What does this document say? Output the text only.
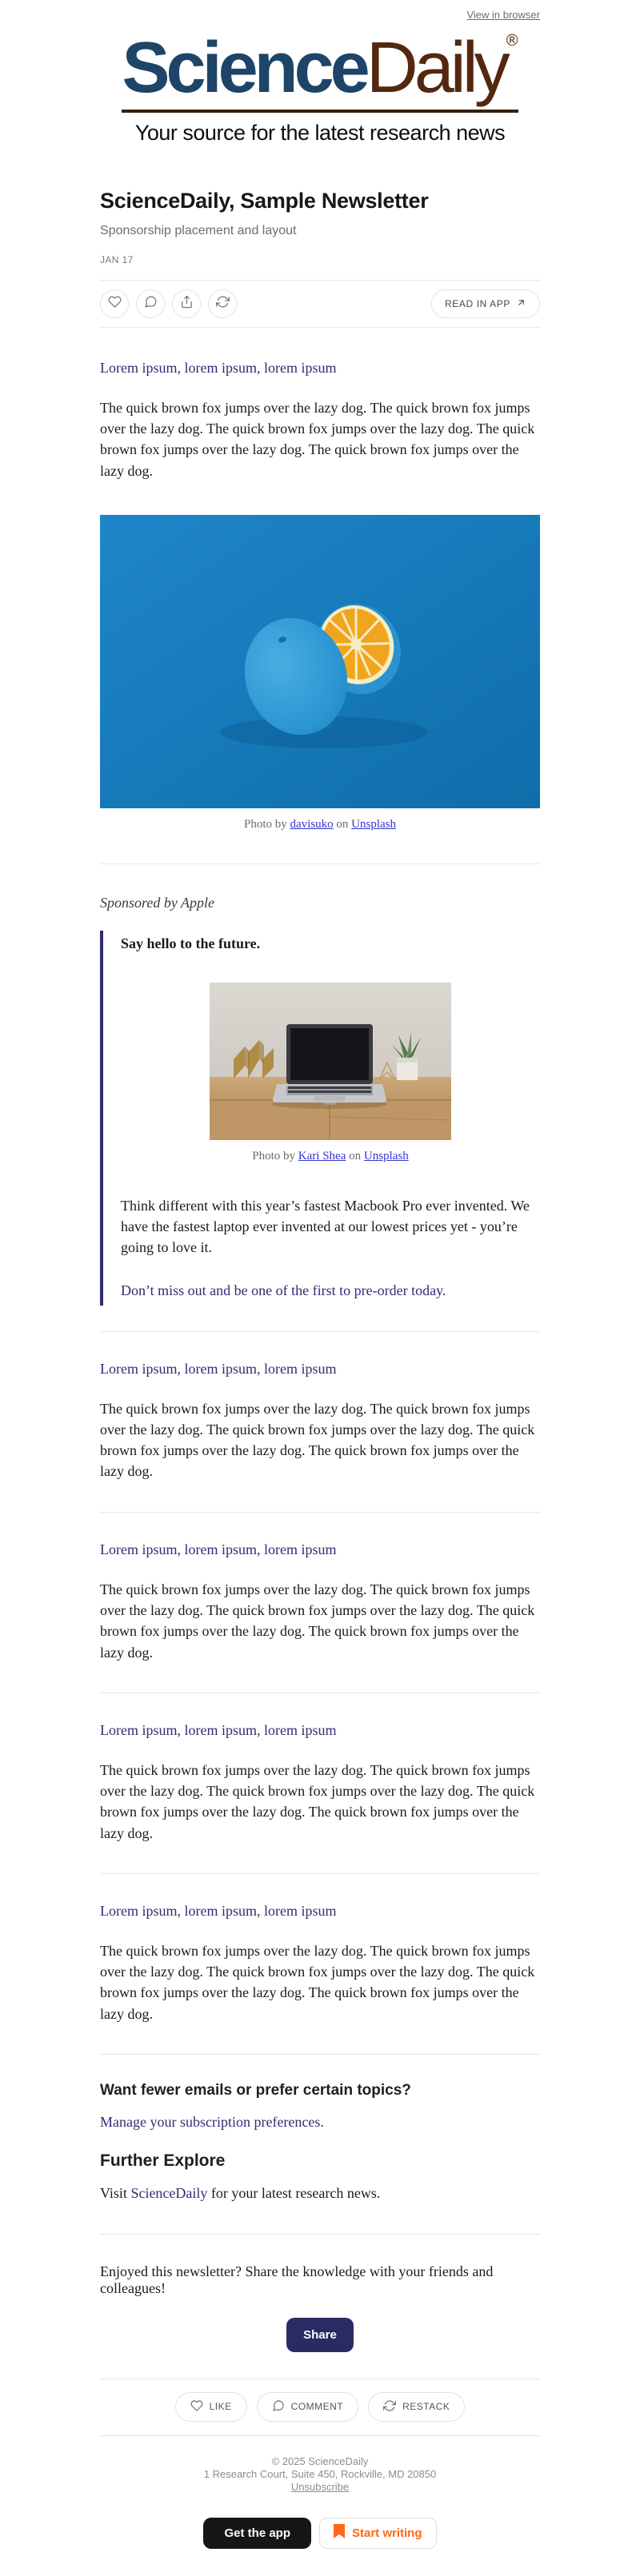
View in browser
ScienceDaily®
Your source for the latest research news
ScienceDaily, Sample Newsletter
Sponsorship placement and layout
JAN 17
READ IN APP
Lorem ipsum, lorem ipsum, lorem ipsum

The quick brown fox jumps over the lazy dog. The quick brown fox jumps over the lazy dog. The quick brown fox jumps over the lazy dog. The quick brown fox jumps over the lazy dog. The quick brown fox jumps over the lazy dog.

Photo by davisuko on Unsplash
Sponsored by Apple
Say hello to the future.
Photo by Kari Shea on Unsplash

Think different with this year’s fastest Macbook Pro ever invented. We have the fastest laptop ever invented at our lowest prices yet - you’re going to love it.

Don’t miss out and be one of the first to pre-order today.
Lorem ipsum, lorem ipsum, lorem ipsum

The quick brown fox jumps over the lazy dog. The quick brown fox jumps over the lazy dog. The quick brown fox jumps over the lazy dog. The quick brown fox jumps over the lazy dog. The quick brown fox jumps over the lazy dog.

Lorem ipsum, lorem ipsum, lorem ipsum

The quick brown fox jumps over the lazy dog. The quick brown fox jumps over the lazy dog. The quick brown fox jumps over the lazy dog. The quick brown fox jumps over the lazy dog. The quick brown fox jumps over the lazy dog.

Lorem ipsum, lorem ipsum, lorem ipsum

The quick brown fox jumps over the lazy dog. The quick brown fox jumps over the lazy dog. The quick brown fox jumps over the lazy dog. The quick brown fox jumps over the lazy dog. The quick brown fox jumps over the lazy dog.

Lorem ipsum, lorem ipsum, lorem ipsum

The quick brown fox jumps over the lazy dog. The quick brown fox jumps over the lazy dog. The quick brown fox jumps over the lazy dog. The quick brown fox jumps over the lazy dog. The quick brown fox jumps over the lazy dog.

Want fewer emails or prefer certain topics?
Manage your subscription preferences.
Further Explore
Visit ScienceDaily for your latest research news.
Enjoyed this newsletter? Share the knowledge with your friends and colleagues!
Share
LIKE	COMMENT	RESTACK
© 2025 ScienceDaily
1 Research Court, Suite 450, Rockville, MD 20850
Unsubscribe
Get the app	Start writing
